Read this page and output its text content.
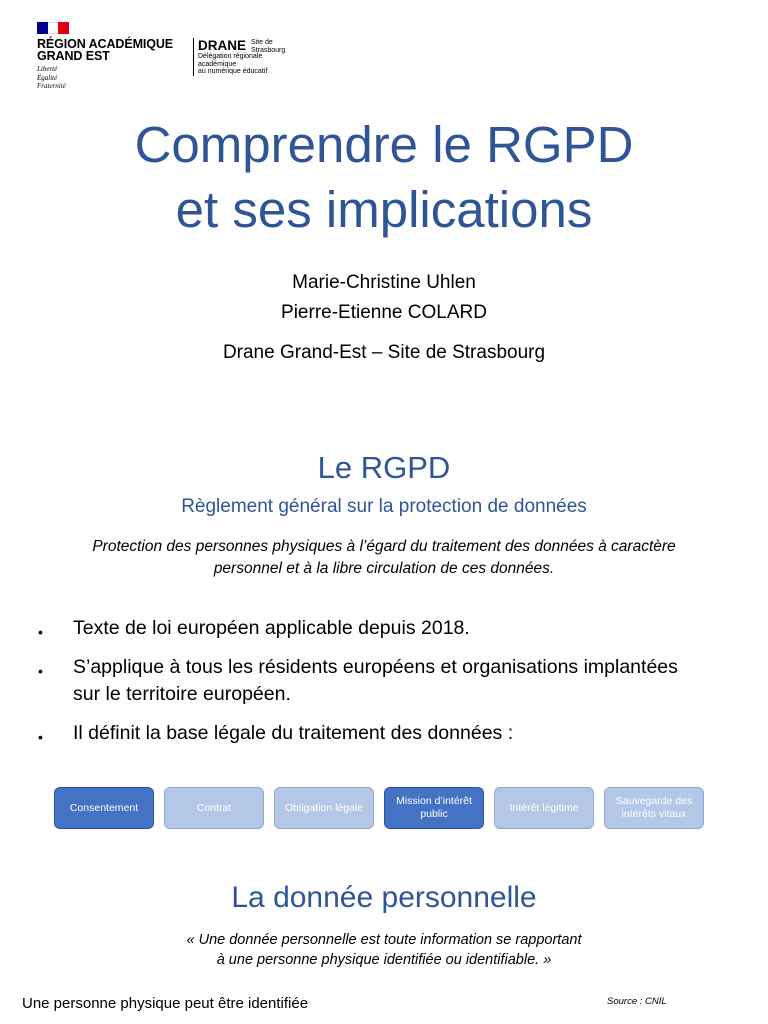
RÉGION ACADÉMIQUE
GRAND EST
Liberté
Égalité
Fraternité
DRANE Site de
Strasbourg
Délégation régionale
académique
au numérique éducatif
Comprendre le RGPD
et ses implications
Marie-Christine Uhlen
Pierre-Etienne COLARD
Drane Grand-Est – Site de Strasbourg
Le RGPD
Règlement général sur la protection de données
Protection des personnes physiques à l’égard du traitement des données à caractère
personnel et à la libre circulation de ces données.
• Texte de loi européen applicable depuis 2018.
• S’applique à tous les résidents européens et organisations implantées
sur le territoire européen.
• Il définit la base légale du traitement des données :
Consentement	Contrat	Obligation légale
Mission d’intérêt
public
Intérêt légitime
Sauvegarde des
intérêts vitaux
La donnée personnelle
« Une donnée personnelle est toute information se rapportant
à une personne physique identifiée ou identifiable. »
Une personne physique peut être identifiée	Source : CNIL
